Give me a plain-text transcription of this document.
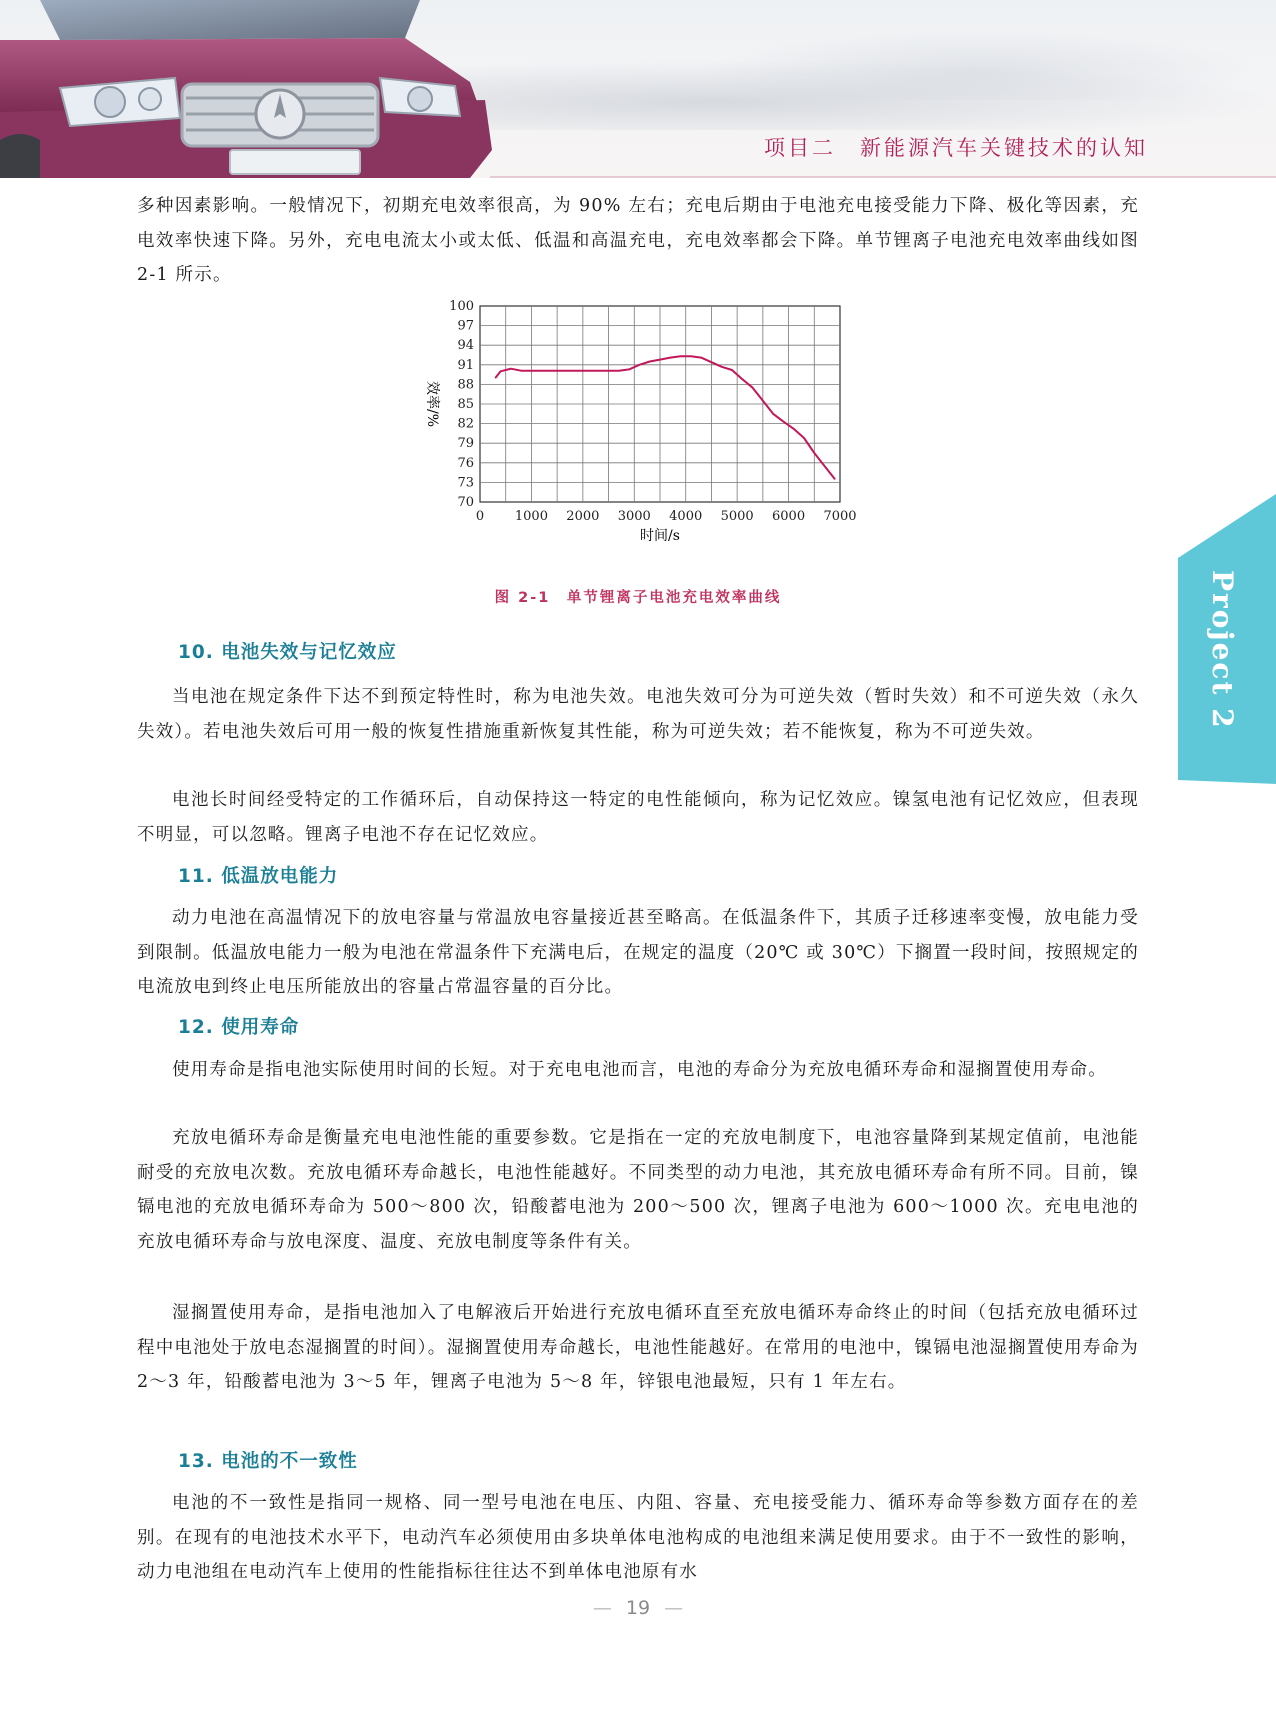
项目二　新能源汽车关键技术的认知
Project 2

多种因素影响。一般情况下，初期充电效率很高，为 90% 左右；充电后期由于电池充电接受能力下降、极化等因素，充电效率快速下降。另外，充电电流太小或太低、低温和高温充电，充电效率都会下降。单节锂离子电池充电效率曲线如图 2-1 所示。

70
73
76
79
82
85
88
91
94
97
100
0 1000 2000 3000 4000 5000 6000 7000
时间/s
效率/%
图 2-1　单节锂离子电池充电效率曲线
10. 电池失效与记忆效应

当电池在规定条件下达不到预定特性时，称为电池失效。电池失效可分为可逆失效（暂时失效）和不可逆失效（永久失效）。若电池失效后可用一般的恢复性措施重新恢复其性能，称为可逆失效；若不能恢复，称为不可逆失效。

电池长时间经受特定的工作循环后，自动保持这一特定的电性能倾向，称为记忆效应。镍氢电池有记忆效应，但表现不明显，可以忽略。锂离子电池不存在记忆效应。

11. 低温放电能力

动力电池在高温情况下的放电容量与常温放电容量接近甚至略高。在低温条件下，其质子迁移速率变慢，放电能力受到限制。低温放电能力一般为电池在常温条件下充满电后，在规定的温度（20℃ 或 30℃）下搁置一段时间，按照规定的电流放电到终止电压所能放出的容量占常温容量的百分比。

12. 使用寿命

使用寿命是指电池实际使用时间的长短。对于充电电池而言，电池的寿命分为充放电循环寿命和湿搁置使用寿命。

充放电循环寿命是衡量充电电池性能的重要参数。它是指在一定的充放电制度下，电池容量降到某规定值前，电池能耐受的充放电次数。充放电循环寿命越长，电池性能越好。不同类型的动力电池，其充放电循环寿命有所不同。目前，镍镉电池的充放电循环寿命为 500～800 次，铅酸蓄电池为 200～500 次，锂离子电池为 600～1000 次。充电电池的充放电循环寿命与放电深度、温度、充放电制度等条件有关。

湿搁置使用寿命，是指电池加入了电解液后开始进行充放电循环直至充放电循环寿命终止的时间（包括充放电循环过程中电池处于放电态湿搁置的时间）。湿搁置使用寿命越长，电池性能越好。在常用的电池中，镍镉电池湿搁置使用寿命为 2～3 年，铅酸蓄电池为 3～5 年，锂离子电池为 5～8 年，锌银电池最短，只有 1 年左右。

13. 电池的不一致性

电池的不一致性是指同一规格、同一型号电池在电压、内阻、容量、充电接受能力、循环寿命等参数方面存在的差别。在现有的电池技术水平下，电动汽车必须使用由多块单体电池构成的电池组来满足使用要求。由于不一致性的影响，动力电池组在电动汽车上使用的性能指标往往达不到单体电池原有水

— 19 —
